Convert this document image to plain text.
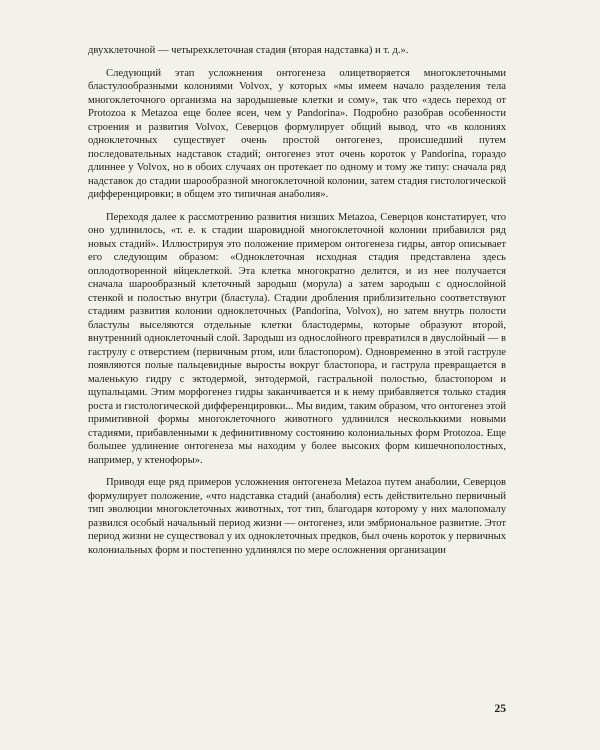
двухклеточной — четырехклеточная стадия (вторая надставка) и т. д.».

Следующий этап усложнения онтогенеза олицетворяется многоклеточными бластулообразными колониями Volvox, у которых «мы имеем начало разделения тела многоклеточного организма на зародышевые клетки и сому», так что «здесь переход от Protozoa к Меtazoa еще более ясен, чем у Pandorina». Подробно разобрав особенности строения и развития Volvox, Северцов формулирует общий вывод, что «в колониях одноклеточных существует очень простой онтогенез, происшедший путем последовательных надставок стадий; онтогенез этот очень короток у Pandorina, гораздо длиннее у Volvox, но в обоих случаях он протекает по одному и тому же типу: сначала ряд надставок до стадии шарообразной многоклеточной колонии, затем стадия гистологической дифференцировки; в общем это типичная анаболия».

Переходя далее к рассмотрению развития низших Metazoa, Северцов констатирует, что оно удлинилось, «т. е. к стадии шаровидной многоклеточной колонии прибавился ряд новых стадий». Иллюстрируя это положение примером онтогенеза гидры, автор описывает его следующим образом: «Одноклеточная исходная стадия представлена здесь оплодотворенной яйцеклеткой. Эта клетка многократно делится, и из нее получается сначала шарообразный клеточный зародыш (морула) а затем зародыш с однослойной стенкой и полостью внутри (бластула). Стадии дробления приблизительно соответствуют стадиям развития колонии одноклеточных (Pandorina, Volvox), но затем внутрь полости бластулы выселяются отдельные клетки бластодермы, которые образуют второй, внутренний одноклеточный слой. Зародыш из однослойного превратился в двуслойный — в гаструлу с отверстием (первичным ртом, или бластопором). Одновременно в этой гаструле появляются полые пальцевидные выросты вокруг бластопора, и гаструла превращается в маленькую гидру с эктодермой, энтодермой, гастральной полостью, бластопором и щупальцами. Этим морфогенез гидры заканчивается и к нему прибавляется только стадия роста и гистологической дифференцировки... Мы видим, таким образом, что онтогенез этой примитивной формы многоклеточного животного удлинился нескольккими новыми стадиями, прибавленными к дефинитивному состоянию колониальных форм Protozoa. Еще большее удлинение онтогенеза мы находим у более высоких форм кишечнополостных, например, у ктенофоры».

Приводя еще ряд примеров усложнения онтогенеза Metazoa путем анаболии, Северцов формулирует положение, «что надставка стадий (анаболия) есть действительно первичный тип эволюции многоклеточных животных, тот тип, благодаря которому у них малопомалу развился особый начальный период жизни — онтогенез, или эмбриональное развитие. Этот период жизни не существовал у их одноклеточных предков, был очень короток у первичных колониальных форм и постепенно удлинялся по мере осложнения организации

25
